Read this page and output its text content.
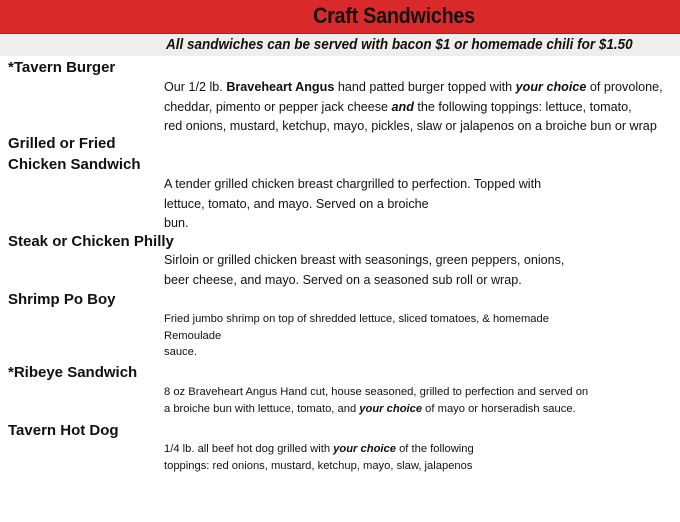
Craft Sandwiches
All sandwiches can be served with bacon $1 or homemade chili for $1.50
*Tavern Burger
Our 1/2 lb. Braveheart Angus hand patted burger topped with your choice of provolone,
cheddar, pimento or pepper jack cheese and the following toppings: lettuce, tomato,
red onions, mustard, ketchup, mayo, pickles, slaw or jalapenos on a broiche bun or wrap
Grilled or Fried
Chicken Sandwich
A tender grilled chicken breast chargrilled to perfection. Topped with
lettuce, tomato, and mayo. Served on a broiche
bun.
Steak or Chicken Philly
Sirloin or grilled chicken breast with seasonings, green peppers, onions,
beer cheese, and mayo. Served on a seasoned sub roll or wrap.
Shrimp Po Boy
Fried jumbo shrimp on top of shredded lettuce, sliced tomatoes, & homemade
Remoulade
sauce.
*Ribeye Sandwich
8 oz Braveheart Angus Hand cut, house seasoned, grilled to perfection and served on
a broiche bun with lettuce, tomato, and your choice of mayo or horseradish sauce.
Tavern Hot Dog
1/4 lb. all beef hot dog grilled with your choice of the following
toppings: red onions, mustard, ketchup, mayo, slaw, jalapenos
